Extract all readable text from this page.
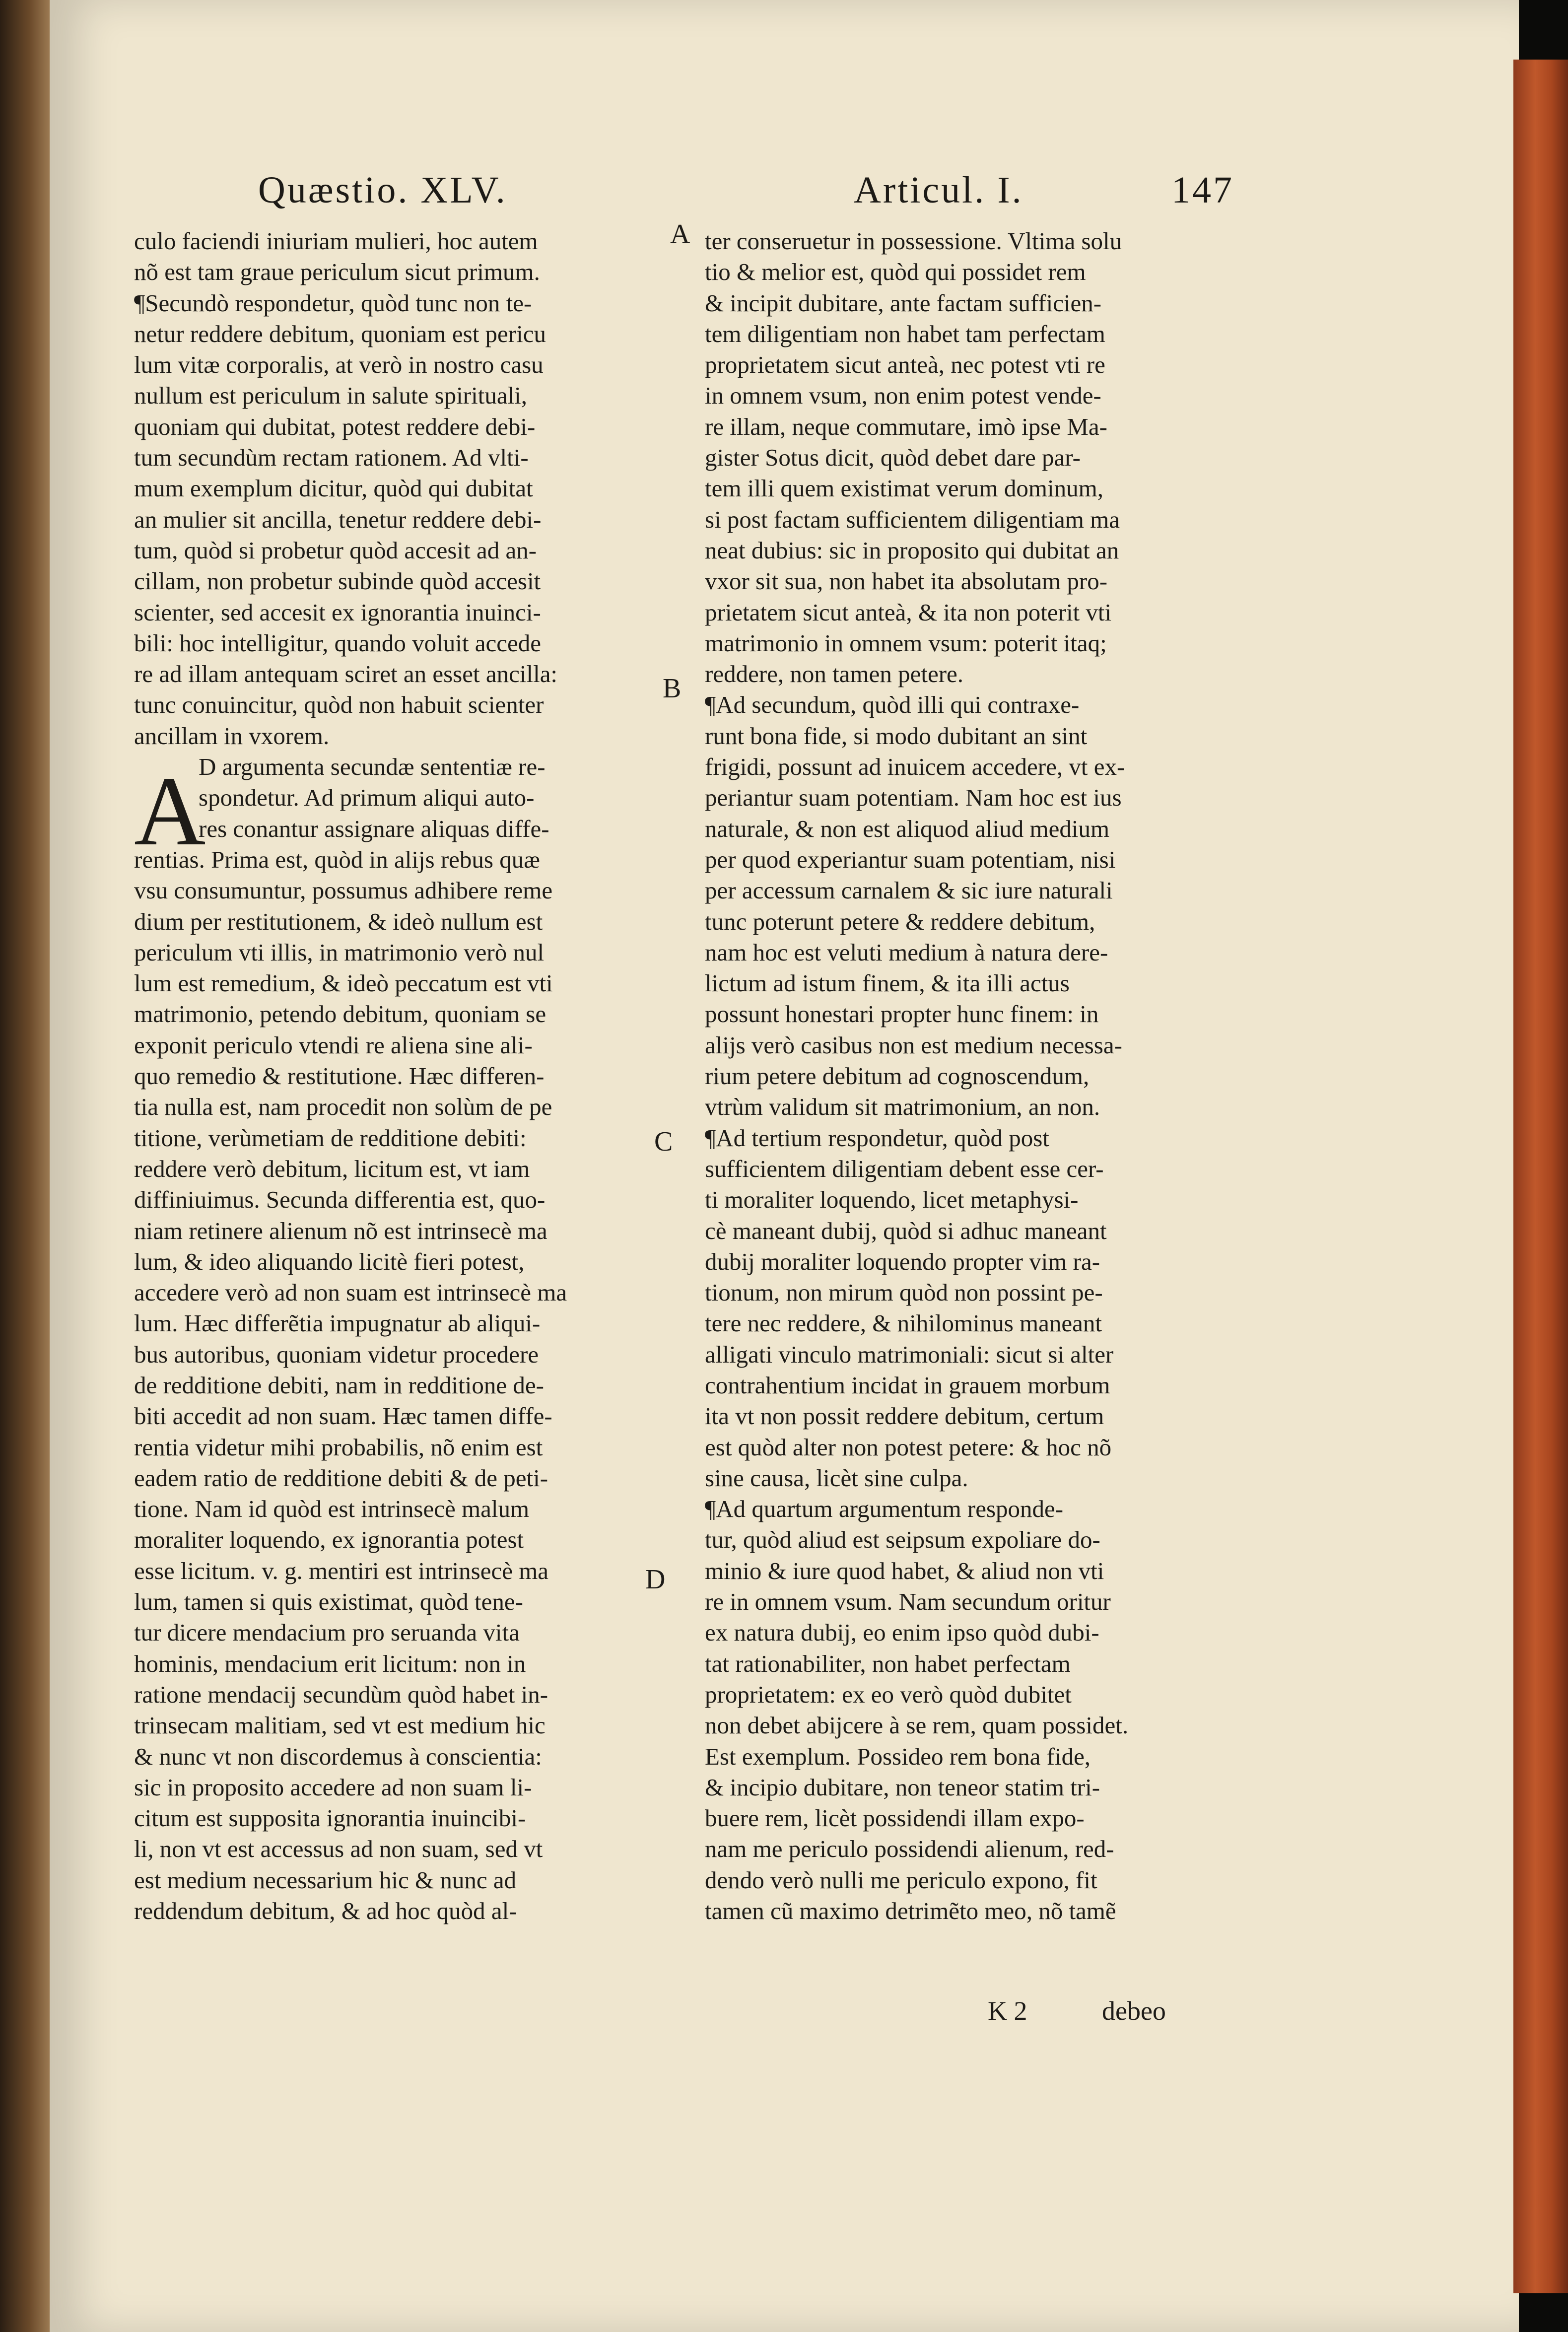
Quæstio. XLV.	Articul. I.	147
A
B
C
D
culo faciendi iniuriam mulieri, hoc autem
nõ est tam graue periculum sicut primum.
¶Secundò respondetur, quòd tunc non te-
netur reddere debitum, quoniam est pericu
lum vitæ corporalis, at verò in nostro casu
nullum est periculum in salute spirituali,
quoniam qui dubitat, potest reddere debi-
tum secundùm rectam rationem. Ad vlti-
mum exemplum dicitur, quòd qui dubitat
an mulier sit ancilla, tenetur reddere debi-
tum, quòd si probetur quòd accesit ad an-
cillam, non probetur subinde quòd accesit
scienter, sed accesit ex ignorantia inuinci-
bili: hoc intelligitur, quando voluit accede
re ad illam antequam sciret an esset ancilla:
tunc conuincitur, quòd non habuit scienter
ancillam in vxorem.
D argumenta secundæ sententiæ re-
spondetur. Ad primum aliqui auto-
res conantur assignare aliquas diffe-
rentias. Prima est, quòd in alijs rebus quæ
vsu consumuntur, possumus adhibere reme
dium per restitutionem, & ideò nullum est
periculum vti illis, in matrimonio verò nul
lum est remedium, & ideò peccatum est vti
matrimonio, petendo debitum, quoniam se
exponit periculo vtendi re aliena sine ali-
quo remedio & restitutione. Hæc differen-
tia nulla est, nam procedit non solùm de pe
titione, verùmetiam de redditione debiti:
reddere verò debitum, licitum est, vt iam
diffiniuimus. Secunda differentia est, quo-
niam retinere alienum nõ est intrinsecè ma
lum, & ideo aliquando licitè fieri potest,
accedere verò ad non suam est intrinsecè ma
lum. Hæc differẽtia impugnatur ab aliqui-
bus autoribus, quoniam videtur procedere
de redditione debiti, nam in redditione de-
biti accedit ad non suam. Hæc tamen diffe-
rentia videtur mihi probabilis, nõ enim est
eadem ratio de redditione debiti & de peti-
tione. Nam id quòd est intrinsecè malum
moraliter loquendo, ex ignorantia potest
esse licitum. v. g. mentiri est intrinsecè ma
lum, tamen si quis existimat, quòd tene-
tur dicere mendacium pro seruanda vita
hominis, mendacium erit licitum: non in
ratione mendacij secundùm quòd habet in-
trinsecam malitiam, sed vt est medium hic
& nunc vt non discordemus à conscientia:
sic in proposito accedere ad non suam li-
citum est supposita ignorantia inuincibi-
li, non vt est accessus ad non suam, sed vt
est medium necessarium hic & nunc ad
reddendum debitum, & ad hoc quòd al-
A
ter conseruetur in possessione. Vltima solu
tio & melior est, quòd qui possidet rem
& incipit dubitare, ante factam sufficien-
tem diligentiam non habet tam perfectam
proprietatem sicut anteà, nec potest vti re
in omnem vsum, non enim potest vende-
re illam, neque commutare, imò ipse Ma-
gister Sotus dicit, quòd debet dare par-
tem illi quem existimat verum dominum,
si post factam sufficientem diligentiam ma
neat dubius: sic in proposito qui dubitat an
vxor sit sua, non habet ita absolutam pro-
prietatem sicut anteà, & ita non poterit vti
matrimonio in omnem vsum: poterit itaq;
reddere, non tamen petere.
¶Ad secundum, quòd illi qui contraxe-
runt bona fide, si modo dubitant an sint
frigidi, possunt ad inuicem accedere, vt ex-
periantur suam potentiam. Nam hoc est ius
naturale, & non est aliquod aliud medium
per quod experiantur suam potentiam, nisi
per accessum carnalem & sic iure naturali
tunc poterunt petere & reddere debitum,
nam hoc est veluti medium à natura dere-
lictum ad istum finem, & ita illi actus
possunt honestari propter hunc finem: in
alijs verò casibus non est medium necessa-
rium petere debitum ad cognoscendum,
vtrùm validum sit matrimonium, an non.
¶Ad tertium respondetur, quòd post
sufficientem diligentiam debent esse cer-
ti moraliter loquendo, licet metaphysi-
cè maneant dubij, quòd si adhuc maneant
dubij moraliter loquendo propter vim ra-
tionum, non mirum quòd non possint pe-
tere nec reddere, & nihilominus maneant
alligati vinculo matrimoniali: sicut si alter
contrahentium incidat in grauem morbum
ita vt non possit reddere debitum, certum
est quòd alter non potest petere: & hoc nõ
sine causa, licèt sine culpa.
¶Ad quartum argumentum responde-
tur, quòd aliud est seipsum expoliare do-
minio & iure quod habet, & aliud non vti
re in omnem vsum. Nam secundum oritur
ex natura dubij, eo enim ipso quòd dubi-
tat rationabiliter, non habet perfectam
proprietatem: ex eo verò quòd dubitet
non debet abijcere à se rem, quam possidet.
Est exemplum. Possideo rem bona fide,
& incipio dubitare, non teneor statim tri-
buere rem, licèt possidendi illam expo-
nam me periculo possidendi alienum, red-
dendo verò nulli me periculo expono, fit
tamen cũ maximo detrimẽto meo, nõ tamẽ
K 2	debeo
